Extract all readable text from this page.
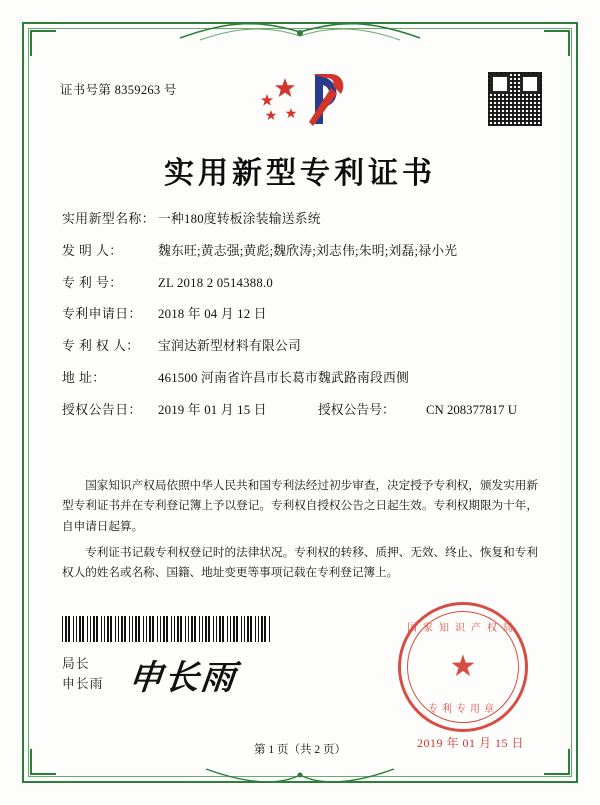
证书号第 8359263 号
实用新型专利证书
实用新型名称： 一种180度转板涂装输送系统
发 明 人：	魏东旺;黄志强;黄彪;魏欣涛;刘志伟;朱明;刘磊;禄小光
专 利 号：	ZL 2018 2 0514388.0
专利申请日：	2018 年 04 月 12 日
专 利 权 人：	宝润达新型材料有限公司
地 址：	461500 河南省许昌市长葛市魏武路南段西侧
授权公告日：	2019 年 01 月 15 日	授权公告号：	CN 208377817 U

国家知识产权局依照中华人民共和国专利法经过初步审查，决定授予专利权，颁发实用新型专利证书并在专利登记簿上予以登记。专利权自授权公告之日起生效。专利权期限为十年，自申请日起算。

专利证书记载专利权登记时的法律状况。专利权的转移、质押、无效、终止、恢复和专利权人的姓名或名称、国籍、地址变更等事项记载在专利登记簿上。

局长
申长雨 申长雨
国家知识产权局
★
专利专用章
2019 年 01 月 15 日
第 1 页（共 2 页）
